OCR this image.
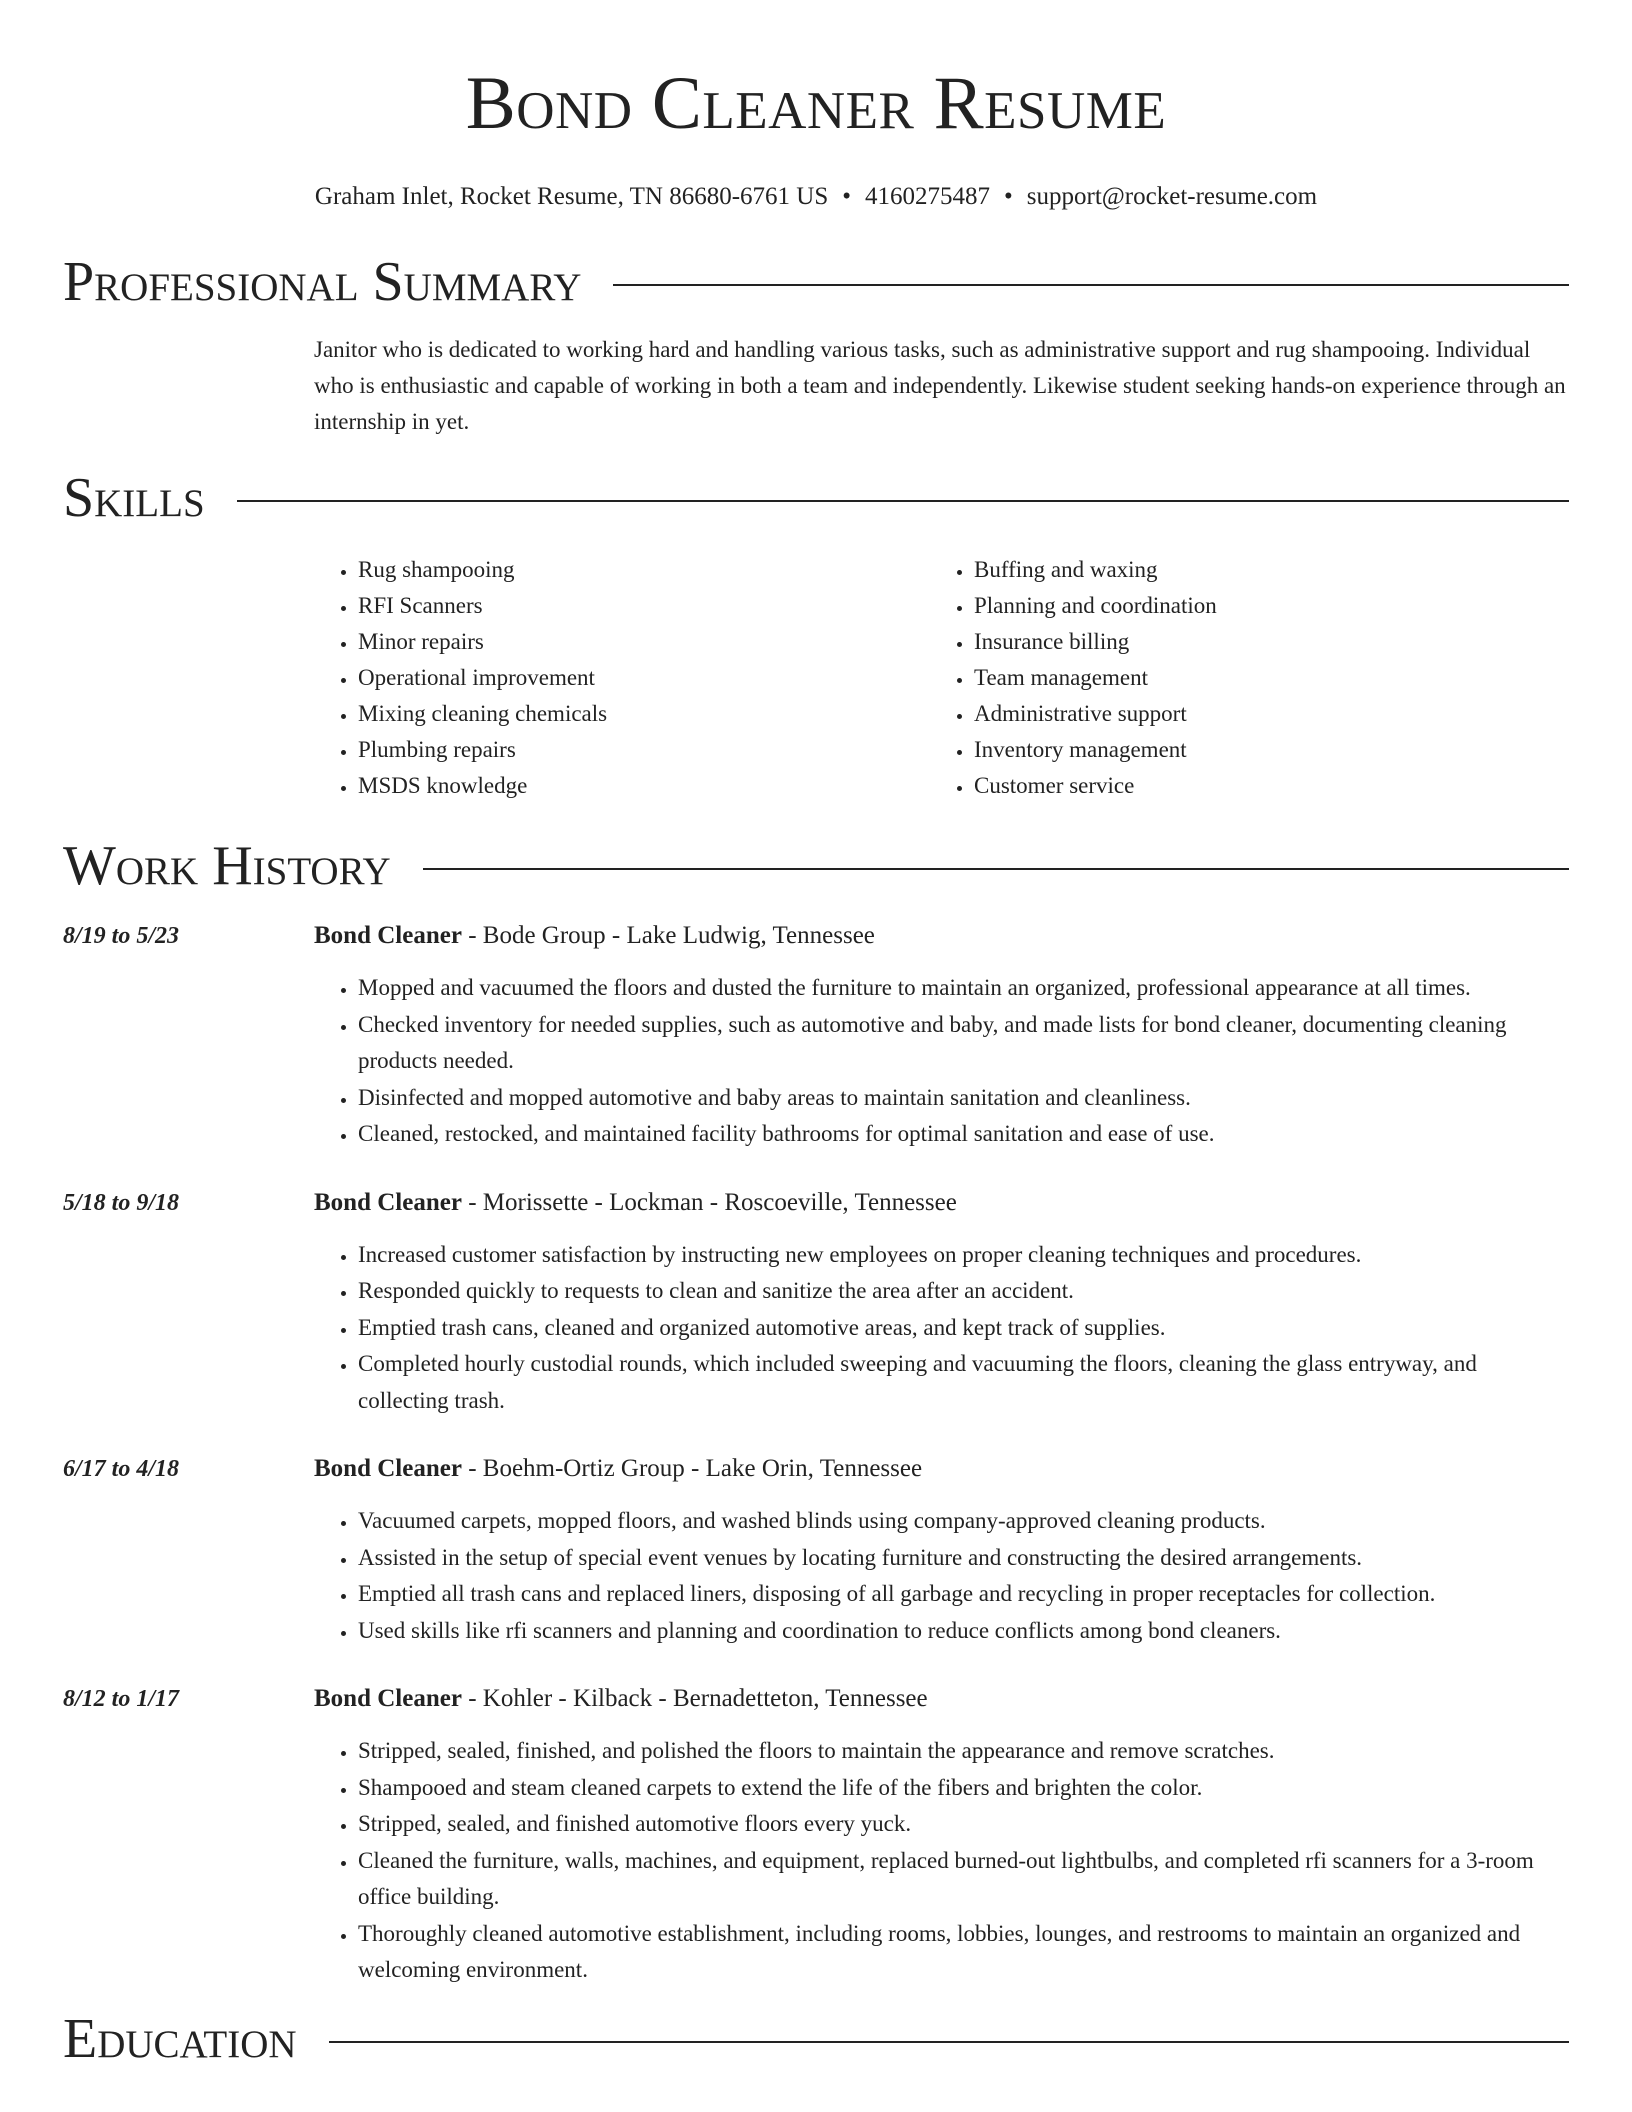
Bond Cleaner Resume
Graham Inlet, Rocket Resume, TN 86680-6761 US • 4160275487 • support@rocket-resume.com
Professional Summary
Janitor who is dedicated to working hard and handling various tasks, such as administrative support and rug shampooing. Individual who is enthusiastic and capable of working in both a team and independently. Likewise student seeking hands-on experience through an internship in yet.
Skills
• Rug shampooing
• RFI Scanners
• Minor repairs
• Operational improvement
• Mixing cleaning chemicals
• Plumbing repairs
• MSDS knowledge
• Buffing and waxing
• Planning and coordination
• Insurance billing
• Team management
• Administrative support
• Inventory management
• Customer service
Work History
8/19 to 5/23	Bond Cleaner - Bode Group - Lake Ludwig, Tennessee
• Mopped and vacuumed the floors and dusted the furniture to maintain an organized, professional appearance at all times.
• Checked inventory for needed supplies, such as automotive and baby, and made lists for bond cleaner, documenting cleaning products needed.
• Disinfected and mopped automotive and baby areas to maintain sanitation and cleanliness.
• Cleaned, restocked, and maintained facility bathrooms for optimal sanitation and ease of use.
5/18 to 9/18	Bond Cleaner - Morissette - Lockman - Roscoeville, Tennessee
• Increased customer satisfaction by instructing new employees on proper cleaning techniques and procedures.
• Responded quickly to requests to clean and sanitize the area after an accident.
• Emptied trash cans, cleaned and organized automotive areas, and kept track of supplies.
• Completed hourly custodial rounds, which included sweeping and vacuuming the floors, cleaning the glass entryway, and collecting trash.
6/17 to 4/18	Bond Cleaner - Boehm-Ortiz Group - Lake Orin, Tennessee
• Vacuumed carpets, mopped floors, and washed blinds using company-approved cleaning products.
• Assisted in the setup of special event venues by locating furniture and constructing the desired arrangements.
• Emptied all trash cans and replaced liners, disposing of all garbage and recycling in proper receptacles for collection.
• Used skills like rfi scanners and planning and coordination to reduce conflicts among bond cleaners.
8/12 to 1/17	Bond Cleaner - Kohler - Kilback - Bernadetteton, Tennessee
• Stripped, sealed, finished, and polished the floors to maintain the appearance and remove scratches.
• Shampooed and steam cleaned carpets to extend the life of the fibers and brighten the color.
• Stripped, sealed, and finished automotive floors every yuck.
• Cleaned the furniture, walls, machines, and equipment, replaced burned-out lightbulbs, and completed rfi scanners for a 3-room office building.
• Thoroughly cleaned automotive establishment, including rooms, lobbies, lounges, and restrooms to maintain an organized and welcoming environment.
Education
